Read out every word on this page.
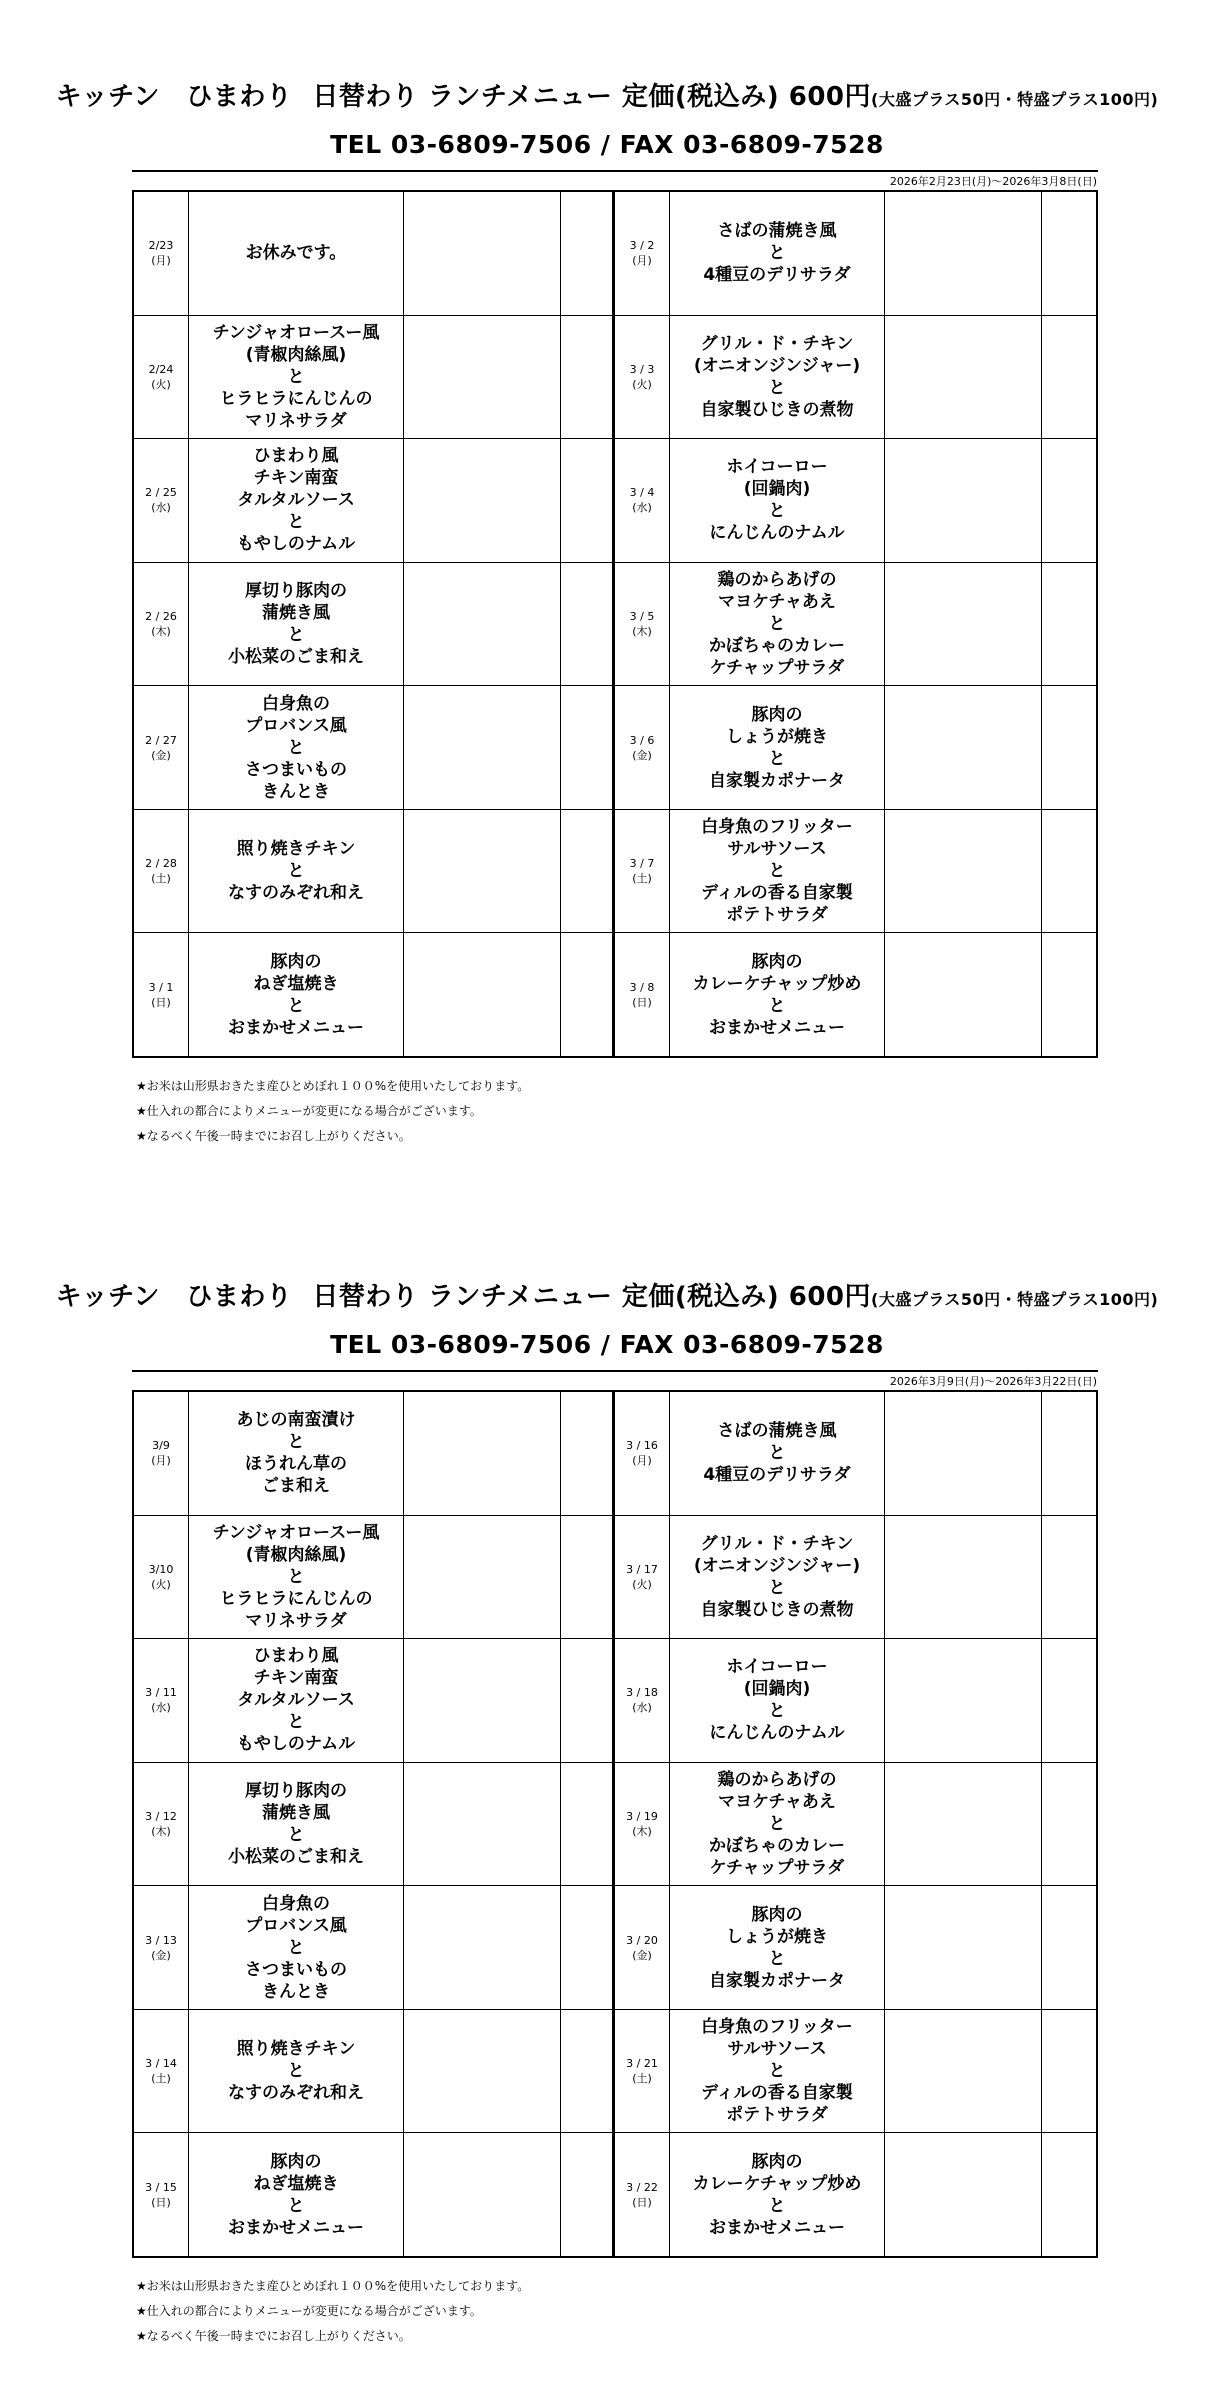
キッチン　ひまわり 日替わり ランチメニュー 定価(税込み) 600円(大盛プラス50円・特盛プラス100円)
TEL 03-6809-7506 / FAX 03-6809-7528
2026年2月23日(月)～2026年3月8日(日)
2/23
(月)	お休みです。
2/24
(火)
チンジャオロースー風
(青椒肉絲風)
と
ヒラヒラにんじんの
マリネサラダ
2 / 25
(水)
ひまわり風
チキン南蛮
タルタルソース
と
もやしのナムル
2 / 26
(木)
厚切り豚肉の
蒲焼き風
と
小松菜のごま和え
2 / 27
(金)
白身魚の
プロバンス風
と
さつまいもの
きんとき
2 / 28
(土)
照り焼きチキン
と
なすのみぞれ和え
3 / 1
(日)
豚肉の
ねぎ塩焼き
と
おまかせメニュー
3 / 2
(月)
さばの蒲焼き風
と
4種豆のデリサラダ
3 / 3
(火)
グリル・ド・チキン
(オニオンジンジャー)
と
自家製ひじきの煮物
3 / 4
(水)
ホイコーロー
(回鍋肉)
と
にんじんのナムル
3 / 5
(木)
鶏のからあげの
マヨケチャあえ
と
かぼちゃのカレー
ケチャップサラダ
3 / 6
(金)
豚肉の
しょうが焼き
と
自家製カポナータ
3 / 7
(土)
白身魚のフリッター
サルサソース
と
ディルの香る自家製
ポテトサラダ
3 / 8
(日)
豚肉の
カレーケチャップ炒め
と
おまかせメニュー
★お米は山形県おきたま産ひとめぼれ１００%を使用いたしております。
★仕入れの都合によりメニューが変更になる場合がございます。
★なるべく午後一時までにお召し上がりください。
キッチン　ひまわり 日替わり ランチメニュー 定価(税込み) 600円(大盛プラス50円・特盛プラス100円)
TEL 03-6809-7506 / FAX 03-6809-7528
2026年3月9日(月)～2026年3月22日(日)
3/9
(月)
あじの南蛮漬け
と
ほうれん草の
ごま和え
3/10
(火)
チンジャオロースー風
(青椒肉絲風)
と
ヒラヒラにんじんの
マリネサラダ
3 / 11
(水)
ひまわり風
チキン南蛮
タルタルソース
と
もやしのナムル
3 / 12
(木)
厚切り豚肉の
蒲焼き風
と
小松菜のごま和え
3 / 13
(金)
白身魚の
プロバンス風
と
さつまいもの
きんとき
3 / 14
(土)
照り焼きチキン
と
なすのみぞれ和え
3 / 15
(日)
豚肉の
ねぎ塩焼き
と
おまかせメニュー
3 / 16
(月)
さばの蒲焼き風
と
4種豆のデリサラダ
3 / 17
(火)
グリル・ド・チキン
(オニオンジンジャー)
と
自家製ひじきの煮物
3 / 18
(水)
ホイコーロー
(回鍋肉)
と
にんじんのナムル
3 / 19
(木)
鶏のからあげの
マヨケチャあえ
と
かぼちゃのカレー
ケチャップサラダ
3 / 20
(金)
豚肉の
しょうが焼き
と
自家製カポナータ
3 / 21
(土)
白身魚のフリッター
サルサソース
と
ディルの香る自家製
ポテトサラダ
3 / 22
(日)
豚肉の
カレーケチャップ炒め
と
おまかせメニュー
★お米は山形県おきたま産ひとめぼれ１００%を使用いたしております。
★仕入れの都合によりメニューが変更になる場合がございます。
★なるべく午後一時までにお召し上がりください。
